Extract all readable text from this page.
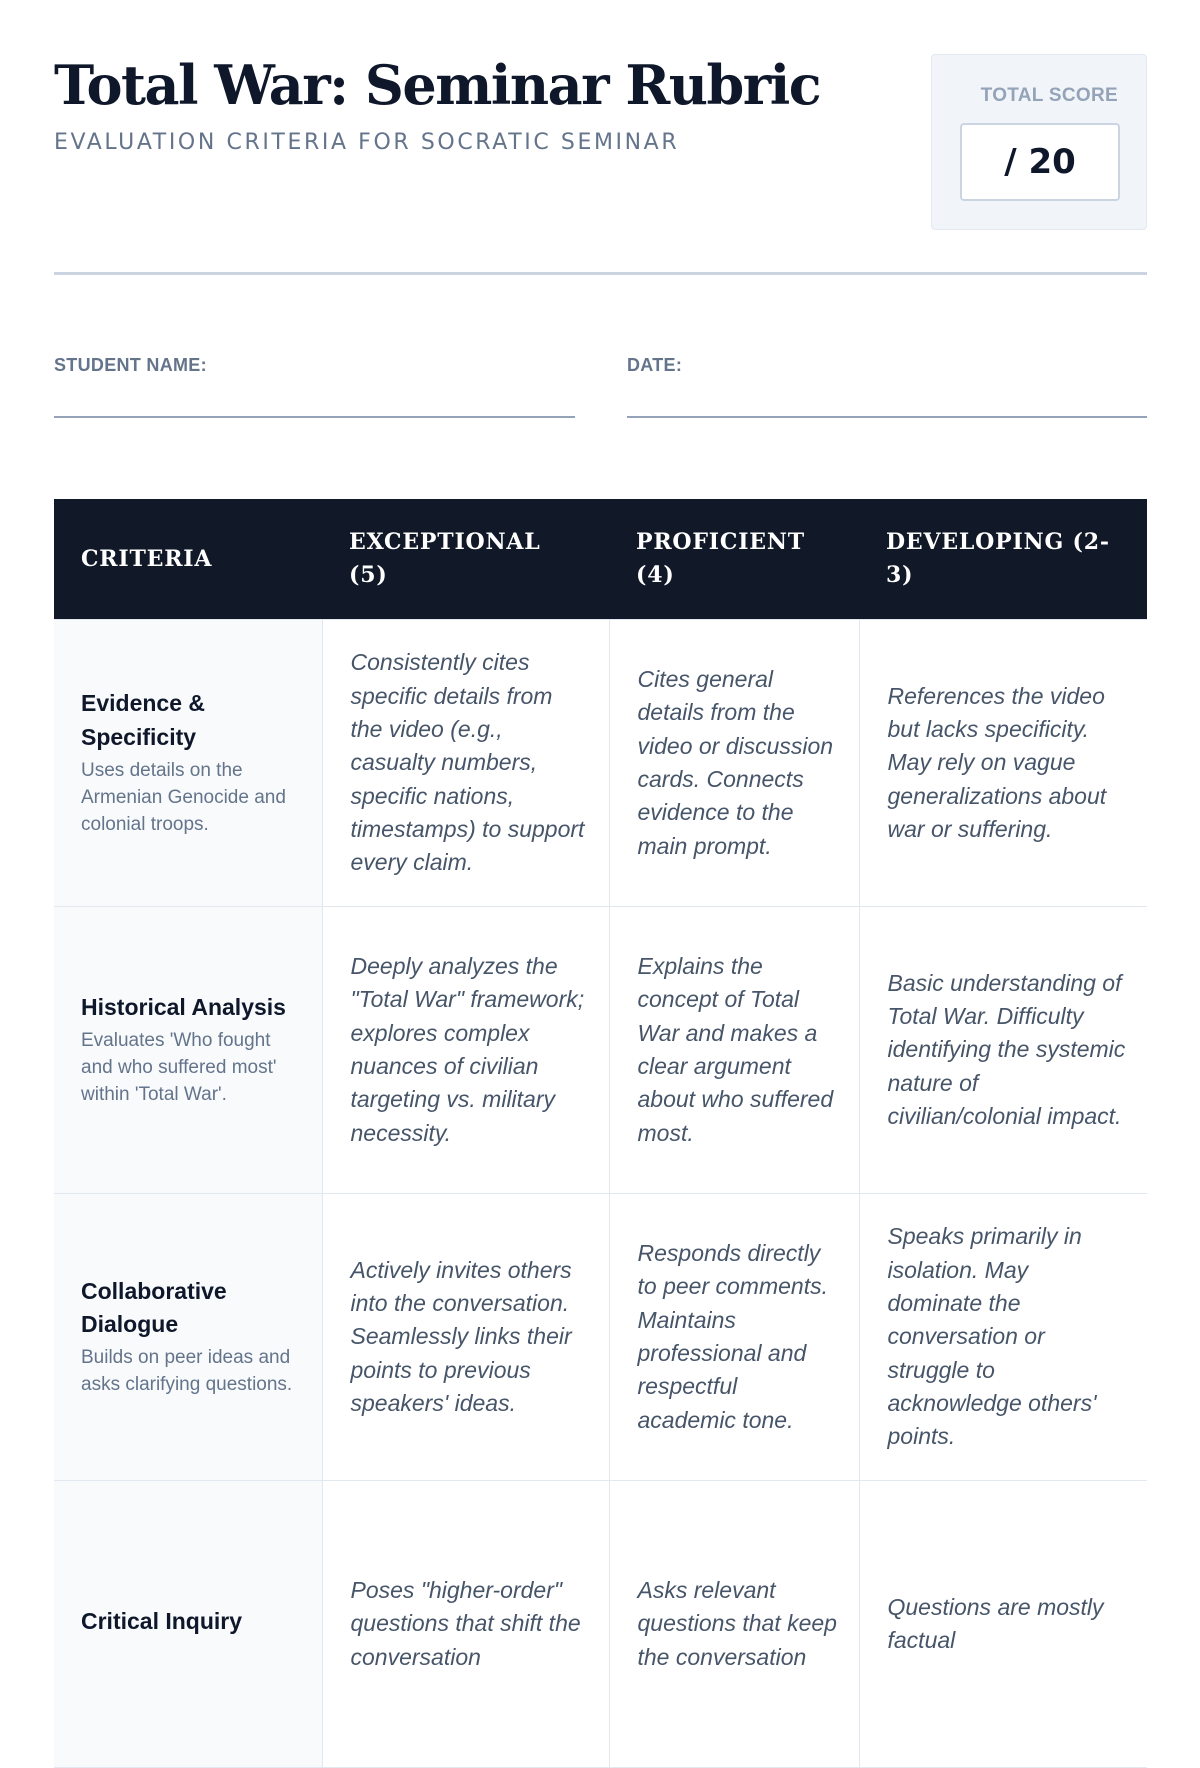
Total War: Seminar Rubric
EVALUATION CRITERIA FOR SOCRATIC SEMINAR
TOTAL SCORE
/ 20
STUDENT NAME:	DATE:
CRITERIA	EXCEPTIONAL (5)	PROFICIENT (4)	DEVELOPING (2-3)

Evidence & Specificity
Uses details on the Armenian Genocide and colonial troops.	Consistently cites specific details from the video (e.g., casualty numbers, specific nations, timestamps) to support every claim.	Cites general details from the video or discussion cards. Connects evidence to the main prompt.	References the video but lacks specificity. May rely on vague generalizations about war or suffering.

Historical Analysis
Evaluates 'Who fought and who suffered most' within 'Total War'.	Deeply analyzes the "Total War" framework; explores complex nuances of civilian targeting vs. military necessity.	Explains the concept of Total War and makes a clear argument about who suffered most.	Basic understanding of Total War. Difficulty identifying the systemic nature of civilian/colonial impact.

Collaborative Dialogue
Builds on peer ideas and asks clarifying questions.	Actively invites others into the conversation. Seamlessly links their points to previous speakers' ideas.	Responds directly to peer comments. Maintains professional and respectful academic tone.	Speaks primarily in isolation. May dominate the conversation or struggle to acknowledge others' points.

Critical Inquiry	Poses "higher-order" questions that shift the conversation	Asks relevant questions that keep the conversation	Questions are mostly factual
